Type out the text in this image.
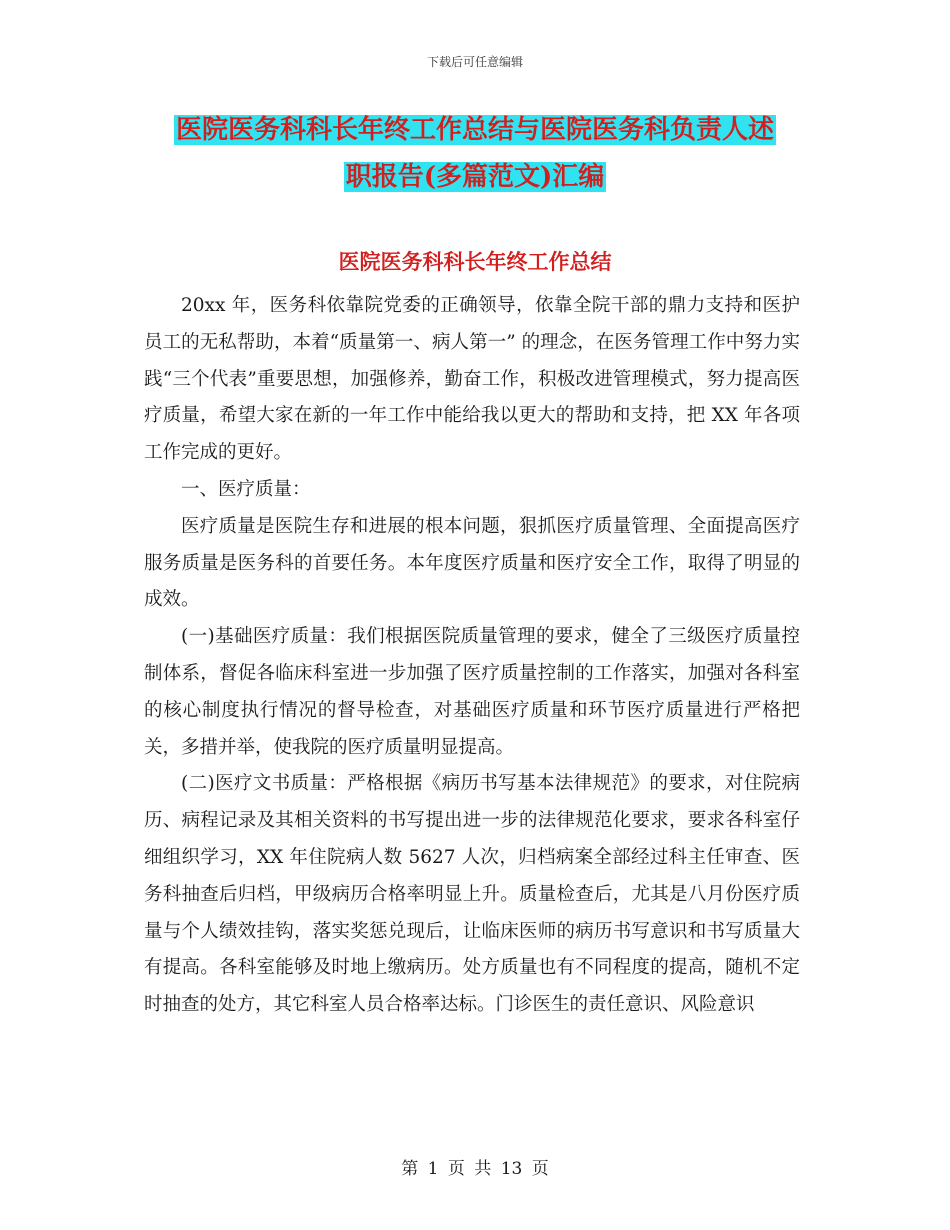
下载后可任意编辑
医院医务科科长年终工作总结与医院医务科负责人述
职报告(多篇范文)汇编
医院医务科科长年终工作总结

20xx 年，医务科依靠院党委的正确领导，依靠全院干部的鼎力支持和医护员工的无私帮助，本着“质量第一、病人第一” 的理念，在医务管理工作中努力实践“三个代表”重要思想，加强修养，勤奋工作，积极改进管理模式，努力提高医疗质量，希望大家在新的一年工作中能给我以更大的帮助和支持，把 XX 年各项工作完成的更好。

一、医疗质量：

医疗质量是医院生存和进展的根本问题，狠抓医疗质量管理、全面提高医疗服务质量是医务科的首要任务。本年度医疗质量和医疗安全工作，取得了明显的成效。

(一)基础医疗质量：我们根据医院质量管理的要求，健全了三级医疗质量控制体系，督促各临床科室进一步加强了医疗质量控制的工作落实，加强对各科室的核心制度执行情况的督导检查，对基础医疗质量和环节医疗质量进行严格把关，多措并举，使我院的医疗质量明显提高。

(二)医疗文书质量：严格根据《病历书写基本法律规范》的要求，对住院病历、病程记录及其相关资料的书写提出进一步的法律规范化要求，要求各科室仔细组织学习，XX 年住院病人数 5627 人次，归档病案全部经过科主任审查、医务科抽查后归档，甲级病历合格率明显上升。质量检查后，尤其是八月份医疗质量与个人绩效挂钩，落实奖惩兑现后，让临床医师的病历书写意识和书写质量大有提高。各科室能够及时地上缴病历。处方质量也有不同程度的提高，随机不定时抽查的处方，其它科室人员合格率达标。门诊医生的责任意识、风险意识

第 1 页 共 13 页
